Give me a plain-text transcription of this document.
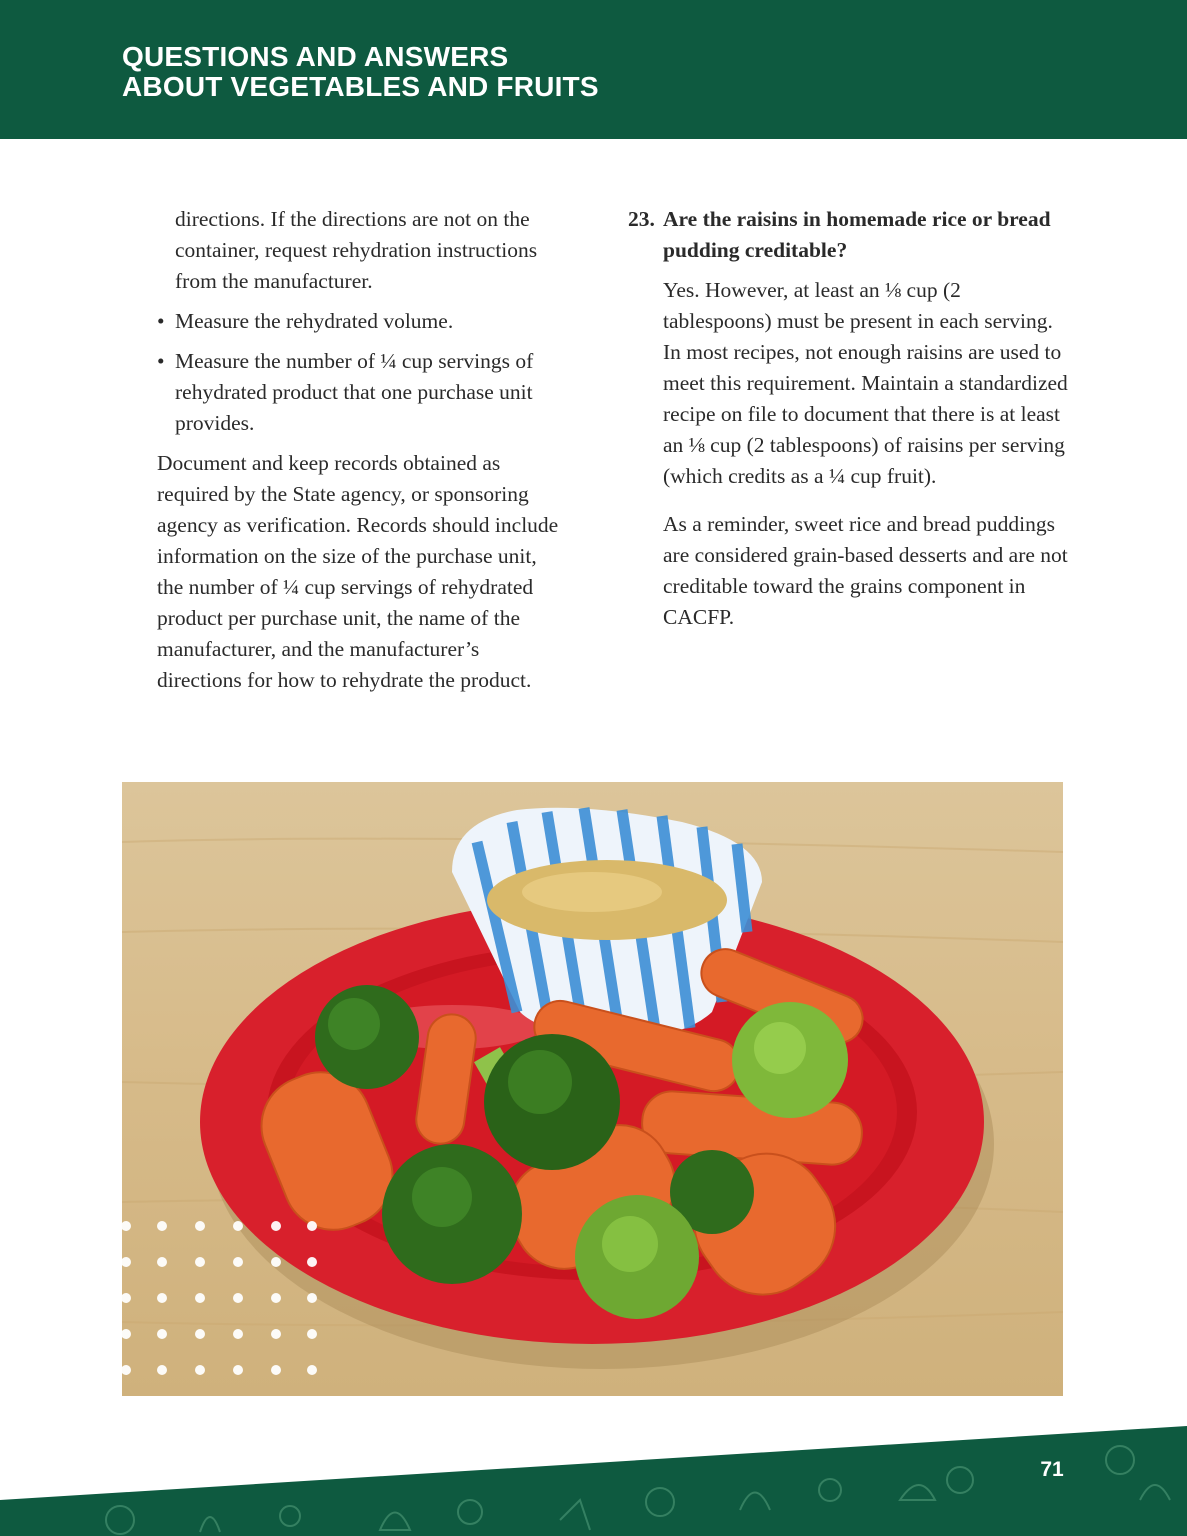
QUESTIONS AND ANSWERS
ABOUT VEGETABLES AND FRUITS

directions. If the directions are not on the container, request rehydration instructions from the manufacturer.

• Measure the rehydrated volume.

• Measure the number of ¼ cup servings of rehydrated product that one purchase unit provides.

Document and keep records obtained as required by the State agency, or sponsoring agency as verification. Records should include information on the size of the purchase unit, the number of ¼ cup servings of rehydrated product per purchase unit, the name of the manufacturer, and the manufacturer’s directions for how to rehydrate the product.

23. Are the raisins in homemade rice or bread pudding creditable?

Yes. However, at least an ⅛ cup (2 tablespoons) must be present in each serving. In most recipes, not enough raisins are used to meet this requirement. Maintain a standardized recipe on file to document that there is at least an ⅛ cup (2 tablespoons) of raisins per serving (which credits as a ¼ cup fruit).

As a reminder, sweet rice and bread puddings are considered grain-based desserts and are not creditable toward the grains component in CACFP.

71
